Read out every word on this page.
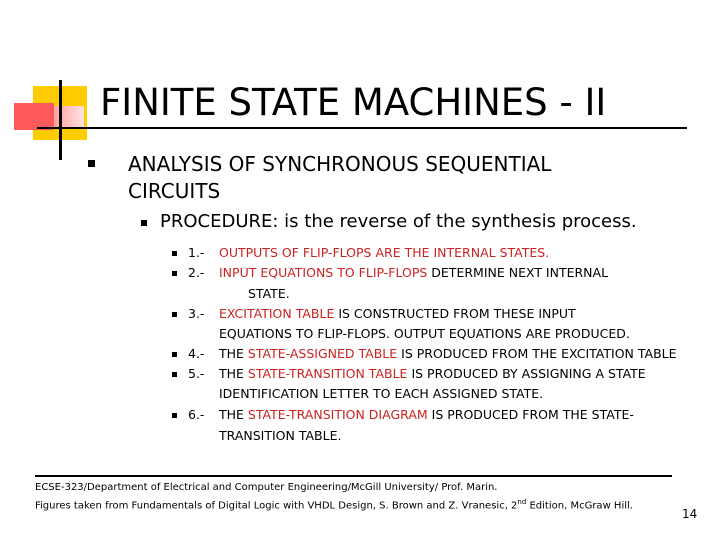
FINITE STATE MACHINES - II
ANALYSIS OF SYNCHRONOUS SEQUENTIAL
CIRCUITS
PROCEDURE: is the reverse of the synthesis process.
1.- OUTPUTS OF FLIP-FLOPS ARE THE INTERNAL STATES.
2.- INPUT EQUATIONS TO FLIP-FLOPS DETERMINE NEXT INTERNAL
STATE.
3.- EXCITATION TABLE IS CONSTRUCTED FROM THESE INPUT
EQUATIONS TO FLIP-FLOPS. OUTPUT EQUATIONS ARE PRODUCED.
4.- THE STATE-ASSIGNED TABLE IS PRODUCED FROM THE EXCITATION TABLE
5.- THE STATE-TRANSITION TABLE IS PRODUCED BY ASSIGNING A STATE
IDENTIFICATION LETTER TO EACH ASSIGNED STATE.
6.- THE STATE-TRANSITION DIAGRAM IS PRODUCED FROM THE STATE-
TRANSITION TABLE.
ECSE-323/Department of Electrical and Computer Engineering/McGill University/ Prof. Marin.
Figures taken from Fundamentals of Digital Logic with VHDL Design, S. Brown and Z. Vranesic, 2nd Edition, McGraw Hill.
14
